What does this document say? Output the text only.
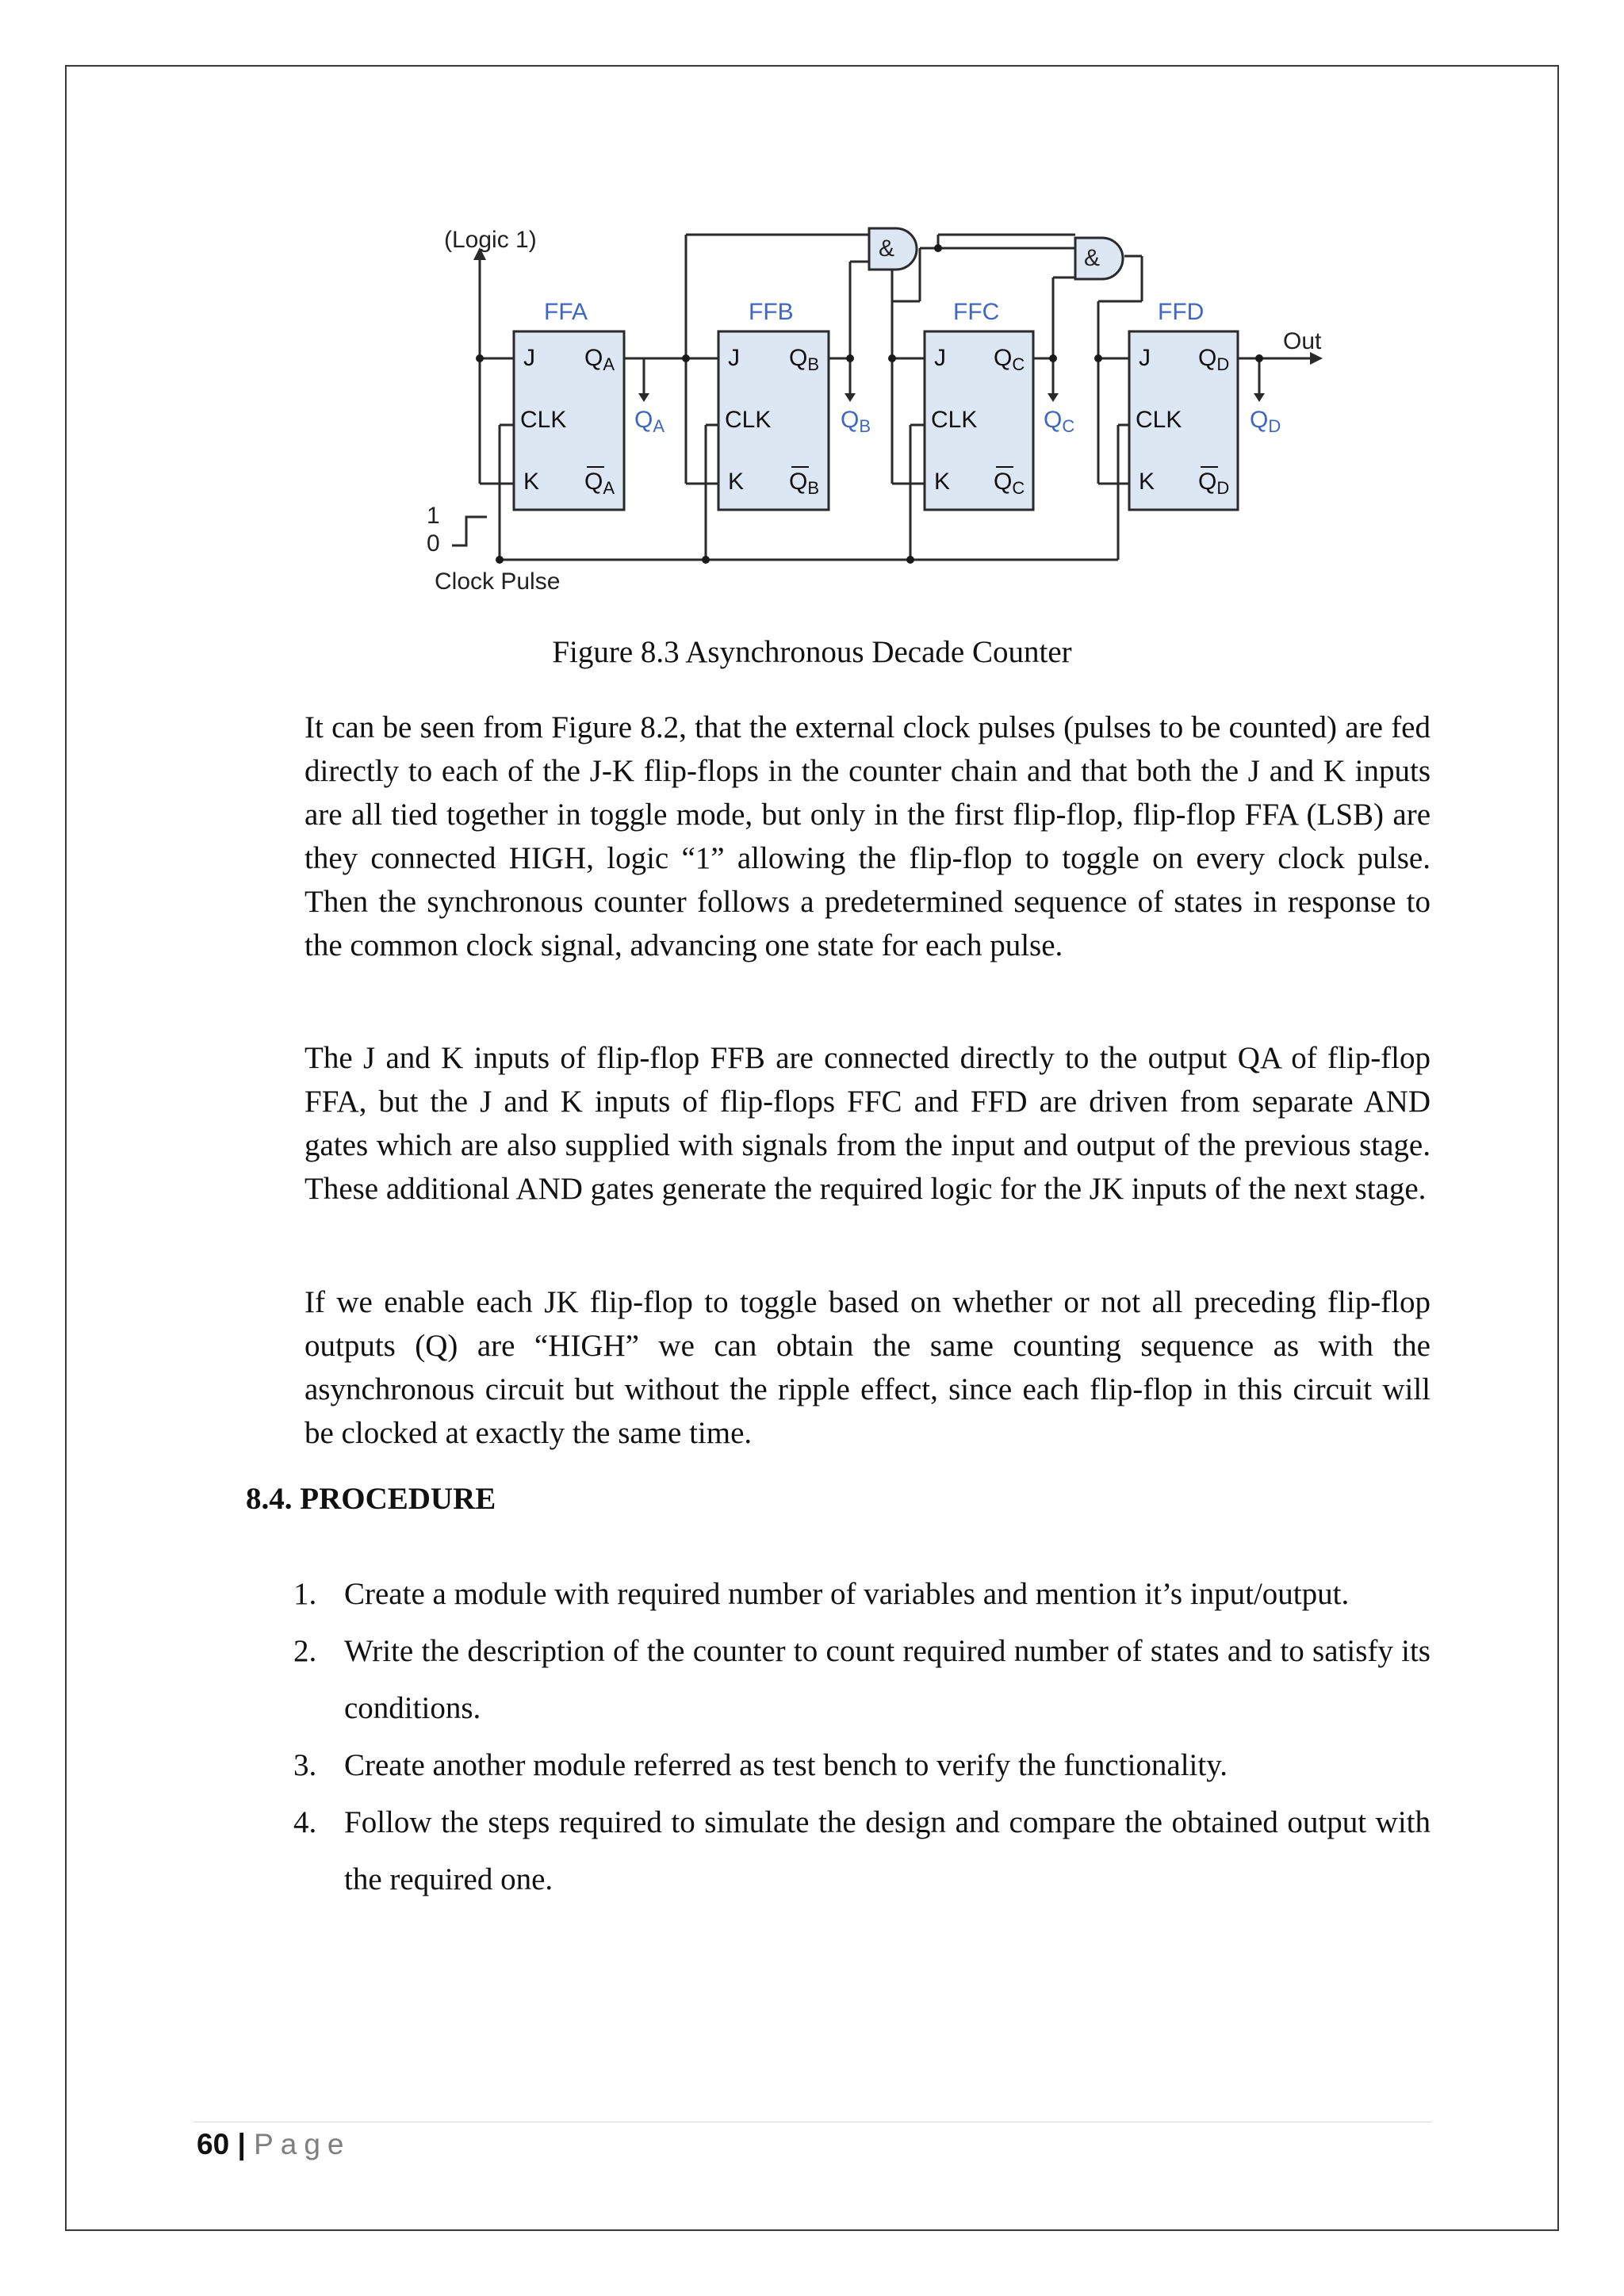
(Logic 1)
FFA	FFB	FFC	FFD
J
CLK
K
$Q_A$
$Q_A$
J
CLK
K
$Q_B$
$Q_B$
J
CLK
K
$Q_C$
$Q_C$
J
CLK
K
$Q_D$
$Q_D$
$Q_A$	$Q_B$	$Q_C$	$Q_D$
&	&
Out
1
0
Clock Pulse
Figure 8.3 Asynchronous Decade Counter

It can be seen from Figure 8.2, that the external clock pulses (pulses to be counted) are fed directly to each of the J-K flip-flops in the counter chain and that both the J and K inputs are all tied together in toggle mode, but only in the first flip-flop, flip-flop FFA (LSB) are they connected HIGH, logic “1” allowing the flip-flop to toggle on every clock pulse. Then the synchronous counter follows a predetermined sequence of states in response to the common clock signal, advancing one state for each pulse.

The J and K inputs of flip-flop FFB are connected directly to the output QA of flip-flop FFA, but the J and K inputs of flip-flops FFC and FFD are driven from separate AND gates which are also supplied with signals from the input and output of the previous stage. These additional AND gates generate the required logic for the JK inputs of the next stage.

If we enable each JK flip-flop to toggle based on whether or not all preceding flip-flop outputs (Q) are “HIGH” we can obtain the same counting sequence as with the asynchronous circuit but without the ripple effect, since each flip-flop in this circuit will be clocked at exactly the same time.

8.4. PROCEDURE
1. Create a module with required number of variables and mention it’s input/output.
2. Write the description of the counter to count required number of states and to satisfy its conditions.
3. Create another module referred as test bench to verify the functionality.
4. Follow the steps required to simulate the design and compare the obtained output with the required one.
60 | Page
